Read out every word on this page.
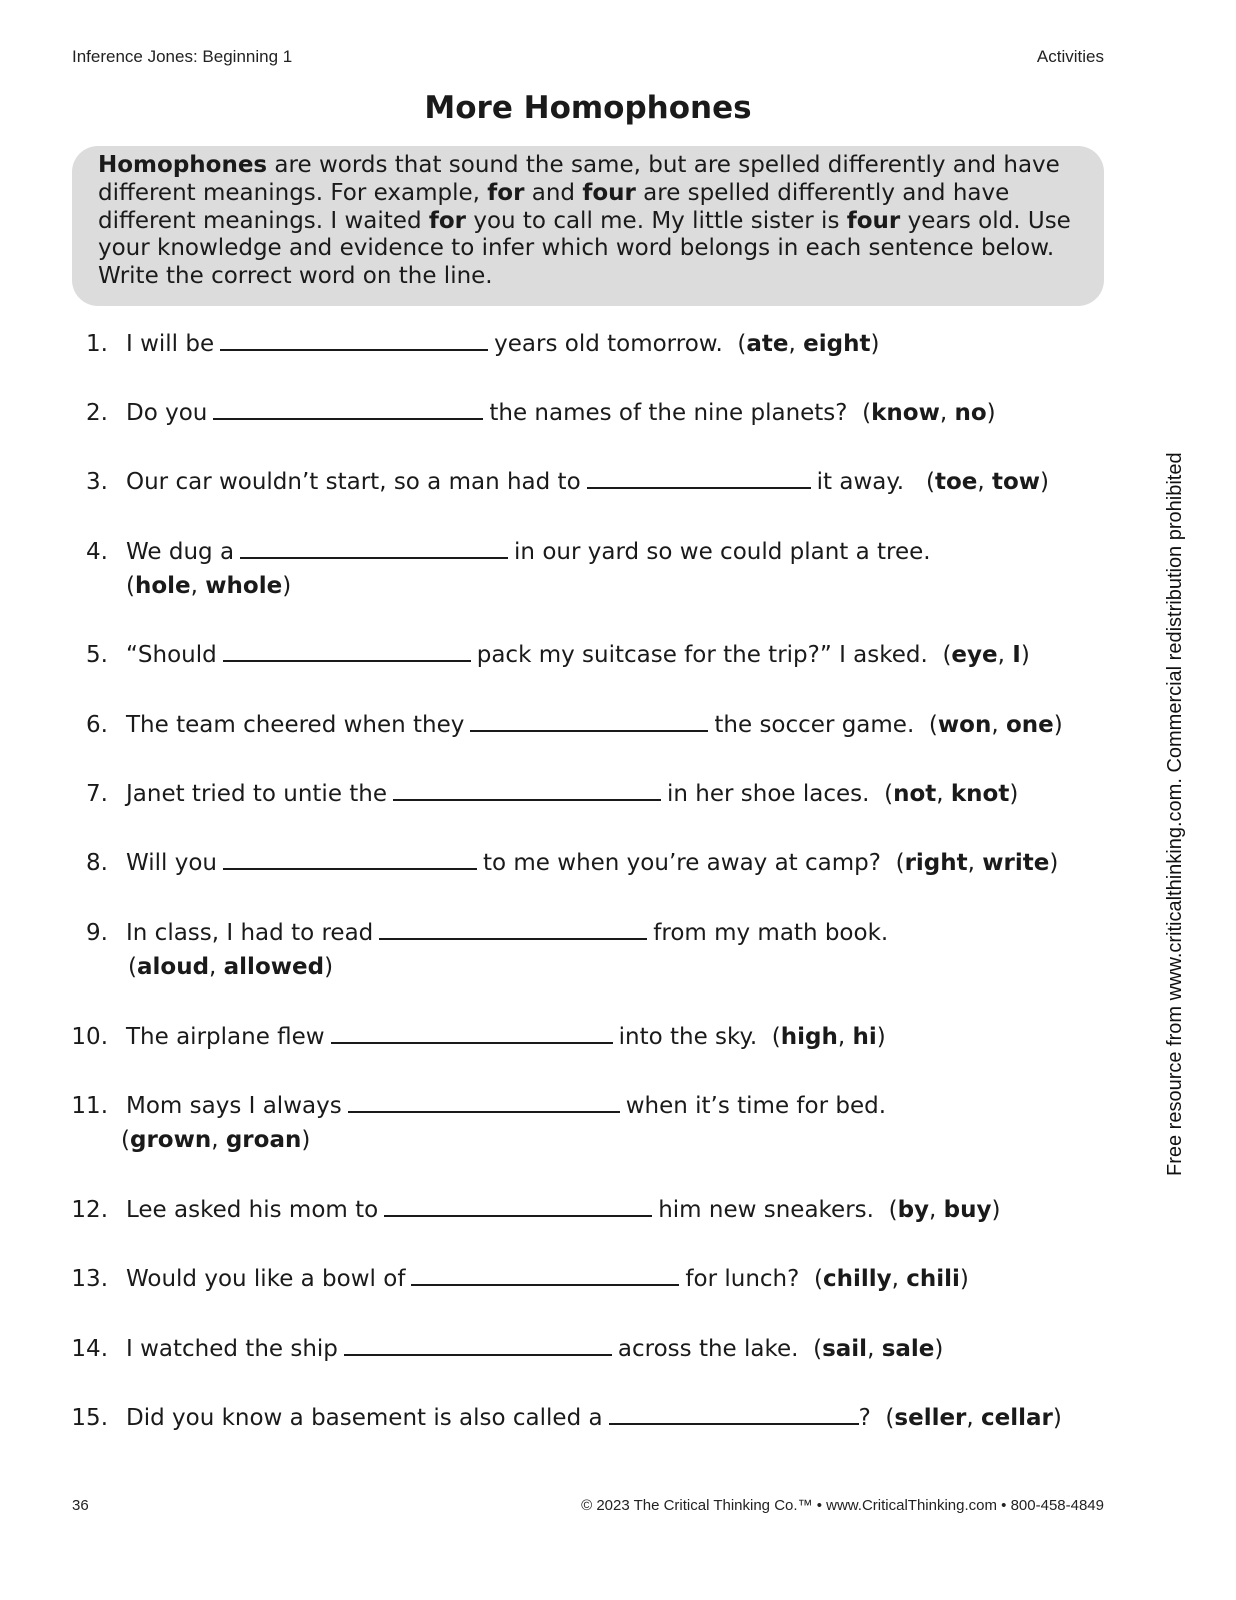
Inference Jones: Beginning 1	Activities
More Homophones
Homophones are words that sound the same, but are spelled differently and have different meanings. For example, for and four are spelled differently and have different meanings. I waited for you to call me. My little sister is four years old. Use your knowledge and evidence to infer which word belongs in each sentence below. Write the correct word on the line.
1. I will be	years old tomorrow. (ate, eight)
2. Do you	the names of the nine planets? (know, no)
3. Our car wouldn’t start, so a man had to	it away. (toe, tow)
4. We dug a	in our yard so we could plant a tree.
(hole, whole)
5. “Should	pack my suitcase for the trip?” I asked. (eye, I)
6. The team cheered when they	the soccer game. (won, one)
7. Janet tried to untie the	in her shoe laces. (not, knot)
8. Will you	to me when you’re away at camp? (right, write)
9. In class, I had to read	from my math book.
(aloud, allowed)
10. The airplane flew	into the sky. (high, hi)
11. Mom says I always	when it’s time for bed.
(grown, groan)
12. Lee asked his mom to	him new sneakers. (by, buy)
13. Would you like a bowl of	for lunch? (chilly, chili)
14. I watched the ship	across the lake. (sail, sale)
15. Did you know a basement is also called a	? (seller, cellar)
Free resource from www.criticalthinking.com. Commercial redistribution prohibited
36	© 2023 The Critical Thinking Co.™ • www.CriticalThinking.com • 800-458-4849
